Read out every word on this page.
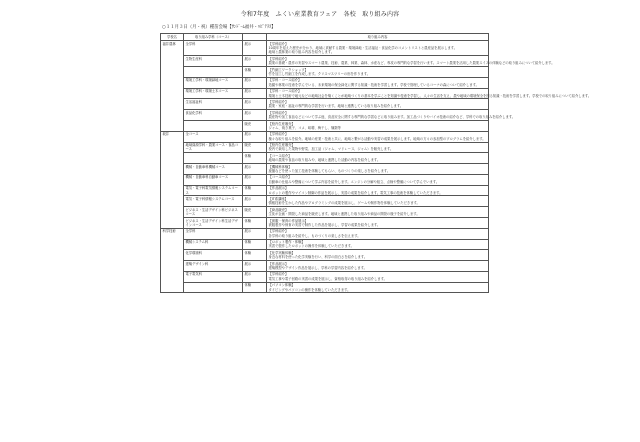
令和7年度　ふくい産業教育フェア　各校　取り組み内容
○１１月３日（月・祝）種苗会場【ｻﾝﾄﾞｰﾑ福井・ﾊﾋﾟﾃﾗｽ】
学校名	取り組み学科（コース）		取り組み内容
福井農林	全学科	展示	【学科紹介】
10周年を迎えた歴史が分かり、地域に貢献する農業・環境緑地・生活福祉・食品化学のコメントリストと農産品を展示します。
地域と農林業の取り組み内容を紹介します。

	生物生産科	展示	【学科紹介】
農業の基礎・農作の実習やスマート農業、技術、農業、林業、森林、水産など、専攻の専門的な学習を行います。スマート農業を活用した農業スイスの体験などの取り組みについて紹介します。

		体験	【竹細工ワークショップ】
竹を加工し竹細工を作成します。クリスマスツリーの形を作ります。

	環境工学科・環境緑地コース	展示	【学科・コース紹介】
造園や林業の技術を学んでいる、未来環境の保全緑化に関する知識・技術を学習します。学校で管理しているコーナの森について紹介します。

	環境工学科・環境土木コース	展示	【学科・コース紹介】
環境と土木技術で地元などの地域社会を築くことが地域づくりの基本を学ぶことを知識や技術を学習し、人々の生活を支え、農や地域の環境保全を図る知識・技術を学習します。学校での取り組みについて紹介します。

	生活福祉科	展示	【学科紹介】
農業・家庭・福祉の専門的な学習を行います。地域と連携している取り組みを紹介します。

	食品化学科	展示	【学科紹介】
農産物や加工食品などについて学ぶ他、食品安全に関する専門的な学習などに取り組みます。加工品づくりやバイオ技術の紹介など、学科での取り組みを紹介します。

		販売	【校内生産販売】
ジャム、焼き菓子、コメ、味噌、梅干し、麺類等

坂井	全コース	展示	【学科紹介】
様々な取り組みを紹介。地域の産業・技術と共に、地域と繋がる活動や実習の成果を展示します。地域の方々の参加型のプログラムを紹介します。

	地域資源学科・農業コース・食品コース	販売	【校内生産販売】
校内で栽培した果物や野菜、加工品（ジャム、マドレーヌ、ジャム）を販売します。

		体験	【コース紹介】
地域の農業や食品の取り組みや、地域と連携した活動の内容を紹介します。

	機械・自動車科機械コース	展示	【機械科体験】
旋盤などを使った加工技術を体験してもらい、ものづくりの楽しさを紹介します。

	機械・自動車科自動車コース	展示	【コース紹介】
自動車の仕組みや整備について学ぶ内容を紹介します。エンジンの分解や組立、点検や整備について学んでいます。

	電気・電子科電気情報システムコース	体験	【作品展示】
ロボットの製作やマイコン制御の作品を展示し、実習の成果を紹介します。電気工事の技術を体験していただきます。

	電気・電子科情報システムコース	展示	【IT系講座】
情報技術を生かした作品やプログラミングの成果を展示し、ゲームや制作物を体験していただきます。

	ビジネス・生活デザイン科ビジネスコース	販売	【商品販売】
生徒が企画・開発した商品を販売します。地域と連携した取り組みや商品の開発の様子を紹介します。

	ビジネス・生活デザイン科生活デザインコース	体験	【被服・保育の作品展示】
被服製作や保育の実習で制作した作品を展示し、学習の成果を紹介します。

科学技術	全学科	展示	【学科紹介】
各学科の取り組みを紹介し、ものづくりの楽しさを伝えます。

	機械システム科	体験	【ロボット製作・体験】
実習で製作したロボットの操作を体験していただきます。

	化学環境科	体験	【化学実験体験】
身近な材料を使った化学実験を行い、科学の面白さを紹介します。

	建築デザイン科	展示	【作品展示】
建築模型やデザイン作品を展示し、学科の学習内容を紹介します。

	電子電気科	展示	【学科紹介】
電気工事や電子回路の実習の成果を展示し、資格取得の取り組みを紹介します。

		体験	【パソコン体験】
タイピングやパソコンの操作を体験していただきます。
